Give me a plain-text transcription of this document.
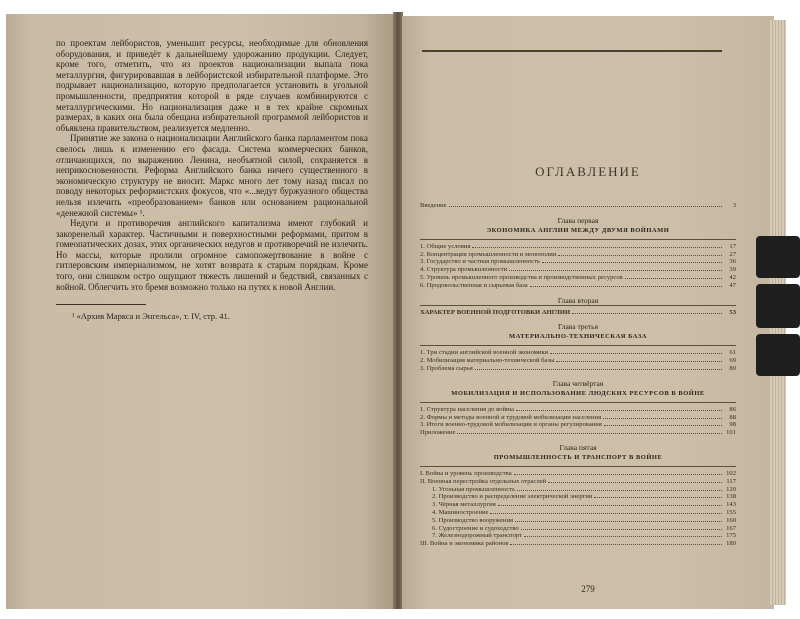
по проектам лейбористов, уменьшит ресурсы, необходимые для обновления оборудования, и приведёт к дальнейшему удорожанию продукции. Следует, кроме того, отметить, что из проектов национализации выпала пока металлургия, фигурировавшая в лейбористской избирательной платформе. Это подрывает национализацию, которую предполагается установить в угольной промышленности, предприятия которой в ряде случаев комбинируются с металлургическими. Но национализация даже и в тех крайне скромных размерах, в каких она была обещана избирательной программой лейбористов и объявлена правительством, реализуется медленно.

Принятие же закона о национализации Английского банка парламентом пока свелось лишь к изменению его фасада. Система коммерческих банков, отличающихся, по выражению Ленина, необъятной силой, сохраняется в неприкосновенности. Реформа Английского банка ничего существенного в экономическую структуру не вносит. Маркс много лет тому назад писал по поводу некоторых реформистских фокусов, что «...ведут буржуазного общества нельзя излечить «преобразованием» банков или основанием рациональной «денежной системы» ¹.

Недуги и противоречия английского капитализма имеют глубокий и закоренелый характер. Частичными и поверхностными реформами, притом в гомеопатических дозах, этих органических недугов и противоречий не излечить. Но массы, которые пролили огромное самопожертвование в войне с гитлеровским империализмом, не хотят возврата к старым порядкам. Кроме того, они слишком остро ощущают тяжесть лишений и бедствий, связанных с войной. Облегчить это бремя возможно только на путях к новой Англии.

¹ «Архив Маркса и Энгельса», т. IV, стр. 41.

ОГЛАВЛЕНИЕ
Введение	3
Глава первая
ЭКОНОМИКА АНГЛИИ МЕЖДУ ДВУМЯ ВОЙНАМИ
1. Общие условия	17
2. Концентрация промышленности и монополии	27
3. Государство и частная промышленность	36
4. Структура промышленности	39
5. Уровень промышленного производства и производственных ресурсов	42
6. Продовольственная и сырьевая база	47
Глава вторая
ХАРАКТЕР ВОЕННОЙ ПОДГОТОВКИ АНГЛИИ	53
Глава третья
МАТЕРИАЛЬНО-ТЕХНИЧЕСКАЯ БАЗА
1. Три стадии английской военной экономики	61
2. Мобилизация материально-технической базы	69
3. Проблема сырья	80
Глава четвёртая
МОБИЛИЗАЦИЯ И ИСПОЛЬЗОВАНИЕ ЛЮДСКИХ РЕСУРСОВ В ВОЙНЕ
1. Структура населения до войны	86
2. Формы и методы военной и трудовой мобилизации населения	88
3. Итоги военно-трудовой мобилизации и органы регулирования	98
Приложение	101
Глава пятая
ПРОМЫШЛЕННОСТЬ И ТРАНСПОРТ В ВОЙНЕ
I. Война и уровень производства	102
II. Военная перестройка отдельных отраслей	117
1. Угольная промышленность	120
2. Производство и распределение электрической энергии	138
3. Чёрная металлургия	143
4. Машиностроение	155
5. Производство вооружения	160
6. Судостроение и судоходство	167
7. Железнодорожный транспорт	175
III. Война и экономика районов	180
279
